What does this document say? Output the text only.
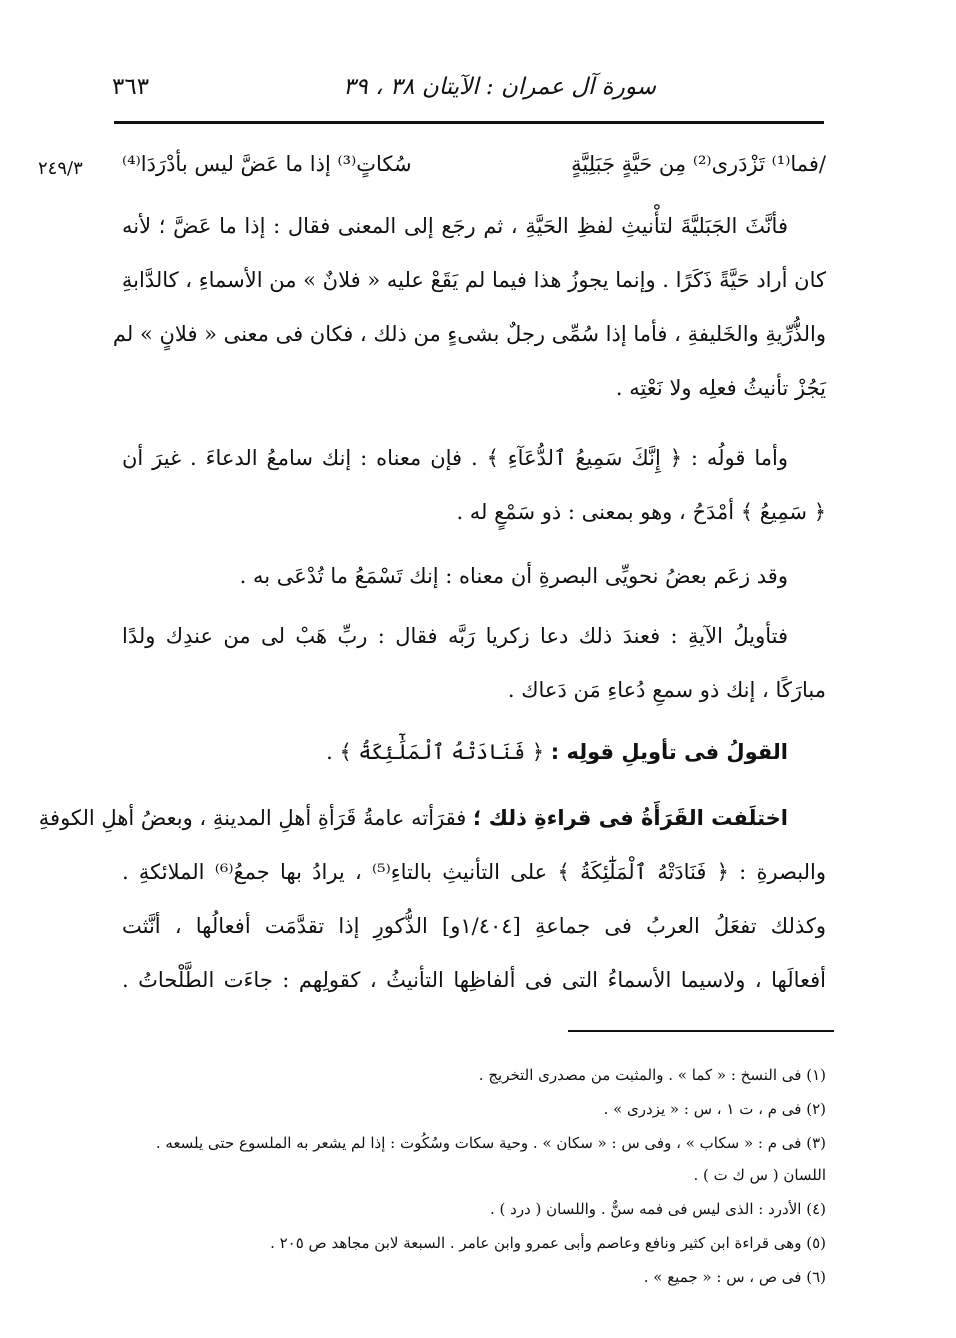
سورة آل عمران : الآيتان ٣٨ ، ٣٩
٣٦٣
٢٤٩/٣	/فما⁽¹⁾ تَزْدَرى⁽²⁾ مِن حَيَّةٍ جَبَلِيَّةٍ
سُكاتٍ⁽³⁾ إذا ما عَضَّ ليس بأدْرَدَا⁽⁴⁾
فأنَّثَ الجَبَليَّةَ لتأْنيثِ لفظِ الحَيَّةِ ، ثم رجَع إلى المعنى فقال : إذا ما عَضَّ ؛ لأنه
كان أراد حَيَّةً ذَكَرًا . وإنما يجوزُ هذا فيما لم يَقَعْ عليه « فلانٌ » من الأسماءِ ، كالدَّابةِ
والذُّرِّيةِ والخَليفةِ ، فأما إذا سُمِّى رجلٌ بشىءٍ من ذلك ، فكان فى معنى « فلانٍ » لم
يَجُزْ تأنيثُ فعلِه ولا نَعْتِه .
وأما قولُه : ﴿ إِنَّكَ سَمِيعُ ٱلدُّعَآءِ ﴾ . فإن معناه : إنك سامعُ الدعاءَ . غيرَ أن
﴿ سَمِيعُ ﴾ أمْدَحُ ، وهو بمعنى : ذو سَمْعٍ له .
وقد زعَم بعضُ نحويِّى البصرةِ أن معناه : إنك تَسْمَعُ ما تُدْعَى به .
فتأويلُ الآيةِ : فعندَ ذلك دعا زكريا رَبَّه فقال : ربِّ هَبْ لى من عندِك ولدًا
مبارَكًا ، إنك ذو سمعِ دُعاءِ مَن دَعاك .
القولُ فى تأويلِ قولِه : ﴿ فَنَادَتْهُ ٱلْمَلَٰٓئِكَةُ ﴾ .
اختلَفت القَرَأَةُ فى قراءةِ ذلك ؛ فقرَأته عامةُ قَرَأةِ أهلِ المدينةِ ، وبعضُ أهلِ الكوفةِ
والبصرةِ : ﴿ فَنَادَتْهُ ٱلْمَلَٰٓئِكَةُ ﴾ على التأنيثِ بالتاءِ⁽⁵⁾ ، يرادُ بها جمعُ⁽⁶⁾ الملائكةِ .
وكذلك تفعَلُ العربُ فى جماعةِ [١/٤٠٤و] الذُّكورِ إذا تقدَّمَت أفعالُها ، أنَّثت
أفعالَها ، ولاسيما الأسماءُ التى فى ألفاظِها التأنيثُ ، كقولِهم : جاءَت الطَّلْحاتُ .
(١) فى النسخ : « كما » . والمثبت من مصدرى التخريج .
(٢) فى م ، ت ١ ، س : « يزدرى » .
(٣) فى م : « سكاب » ، وفى س : « سكان » . وحية سكات وسُكُوت : إذا لم يشعر به الملسوع حتى يلسعه .
اللسان ( س ك ت ) .
(٤) الأدرد : الذى ليس فى فمه سنٌّ . واللسان ( درد ) .
(٥) وهى قراءة ابن كثير ونافع وعاصم وأبى عمرو وابن عامر . السبعة لابن مجاهد ص ٢٠٥ .
(٦) فى ص ، س : « جميع » .
